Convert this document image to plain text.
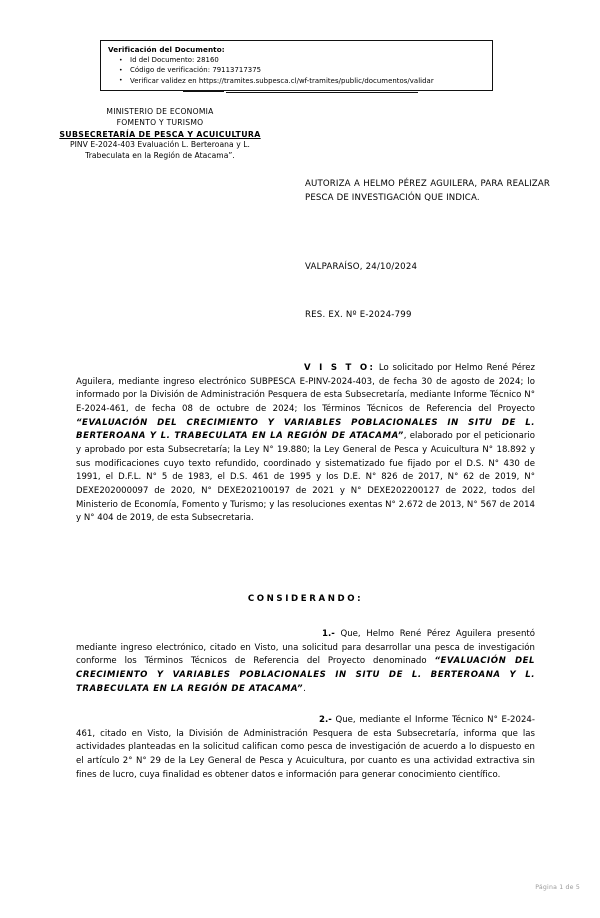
Verificación del Documento:
• Id del Documento: 28160
• Código de verificación: 79113717375
• Verificar validez en https://tramites.subpesca.cl/wf-tramites/public/documentos/validar
MINISTERIO DE ECONOMIA
FOMENTO Y TURISMO
SUBSECRETARÍA DE PESCA Y ACUICULTURA
PINV E-2024-403 Evaluación L. Berteroana y L.
Trabeculata en la Región de Atacama”.
AUTORIZA A HELMO PÉREZ AGUILERA, PARA REALIZAR PESCA DE INVESTIGACIÓN QUE INDICA.
VALPARAÍSO, 24/10/2024
RES. EX. Nº E-2024-799
V I S T O: Lo solicitado por Helmo René Pérez Aguilera, mediante ingreso electrónico SUBPESCA E-PINV-2024-403, de fecha 30 de agosto de 2024; lo informado por la División de Administración Pesquera de esta Subsecretaría, mediante Informe Técnico N° E-2024-461, de fecha 08 de octubre de 2024; los Términos Técnicos de Referencia del Proyecto “EVALUACIÓN DEL CRECIMIENTO Y VARIABLES POBLACIONALES IN SITU DE L. BERTEROANA Y L. TRABECULATA EN LA REGIÓN DE ATACAMA”, elaborado por el peticionario y aprobado por esta Subsecretaría; la Ley N° 19.880; la Ley General de Pesca y Acuicultura N° 18.892 y sus modificaciones cuyo texto refundido, coordinado y sistematizado fue fijado por el D.S. N° 430 de 1991, el D.F.L. N° 5 de 1983, el D.S. 461 de 1995 y los D.E. N° 826 de 2017, N° 62 de 2019, N° DEXE202000097 de 2020, N° DEXE202100197 de 2021 y N° DEXE202200127 de 2022, todos del Ministerio de Economía, Fomento y Turismo; y las resoluciones exentas N° 2.672 de 2013, N° 567 de 2014 y N° 404 de 2019, de esta Subsecretaria.
CONSIDERANDO:
1.- Que, Helmo René Pérez Aguilera presentó mediante ingreso electrónico, citado en Visto, una solicitud para desarrollar una pesca de investigación conforme los Términos Técnicos de Referencia del Proyecto denominado “EVALUACIÓN DEL CRECIMIENTO Y VARIABLES POBLACIONALES IN SITU DE L. BERTEROANA Y L. TRABECULATA EN LA REGIÓN DE ATACAMA”.
2.- Que, mediante el Informe Técnico N° E-2024-461, citado en Visto, la División de Administración Pesquera de esta Subsecretaría, informa que las actividades planteadas en la solicitud califican como pesca de investigación de acuerdo a lo dispuesto en el artículo 2° N° 29 de la Ley General de Pesca y Acuicultura, por cuanto es una actividad extractiva sin fines de lucro, cuya finalidad es obtener datos e información para generar conocimiento científico.
Página 1 de 5
